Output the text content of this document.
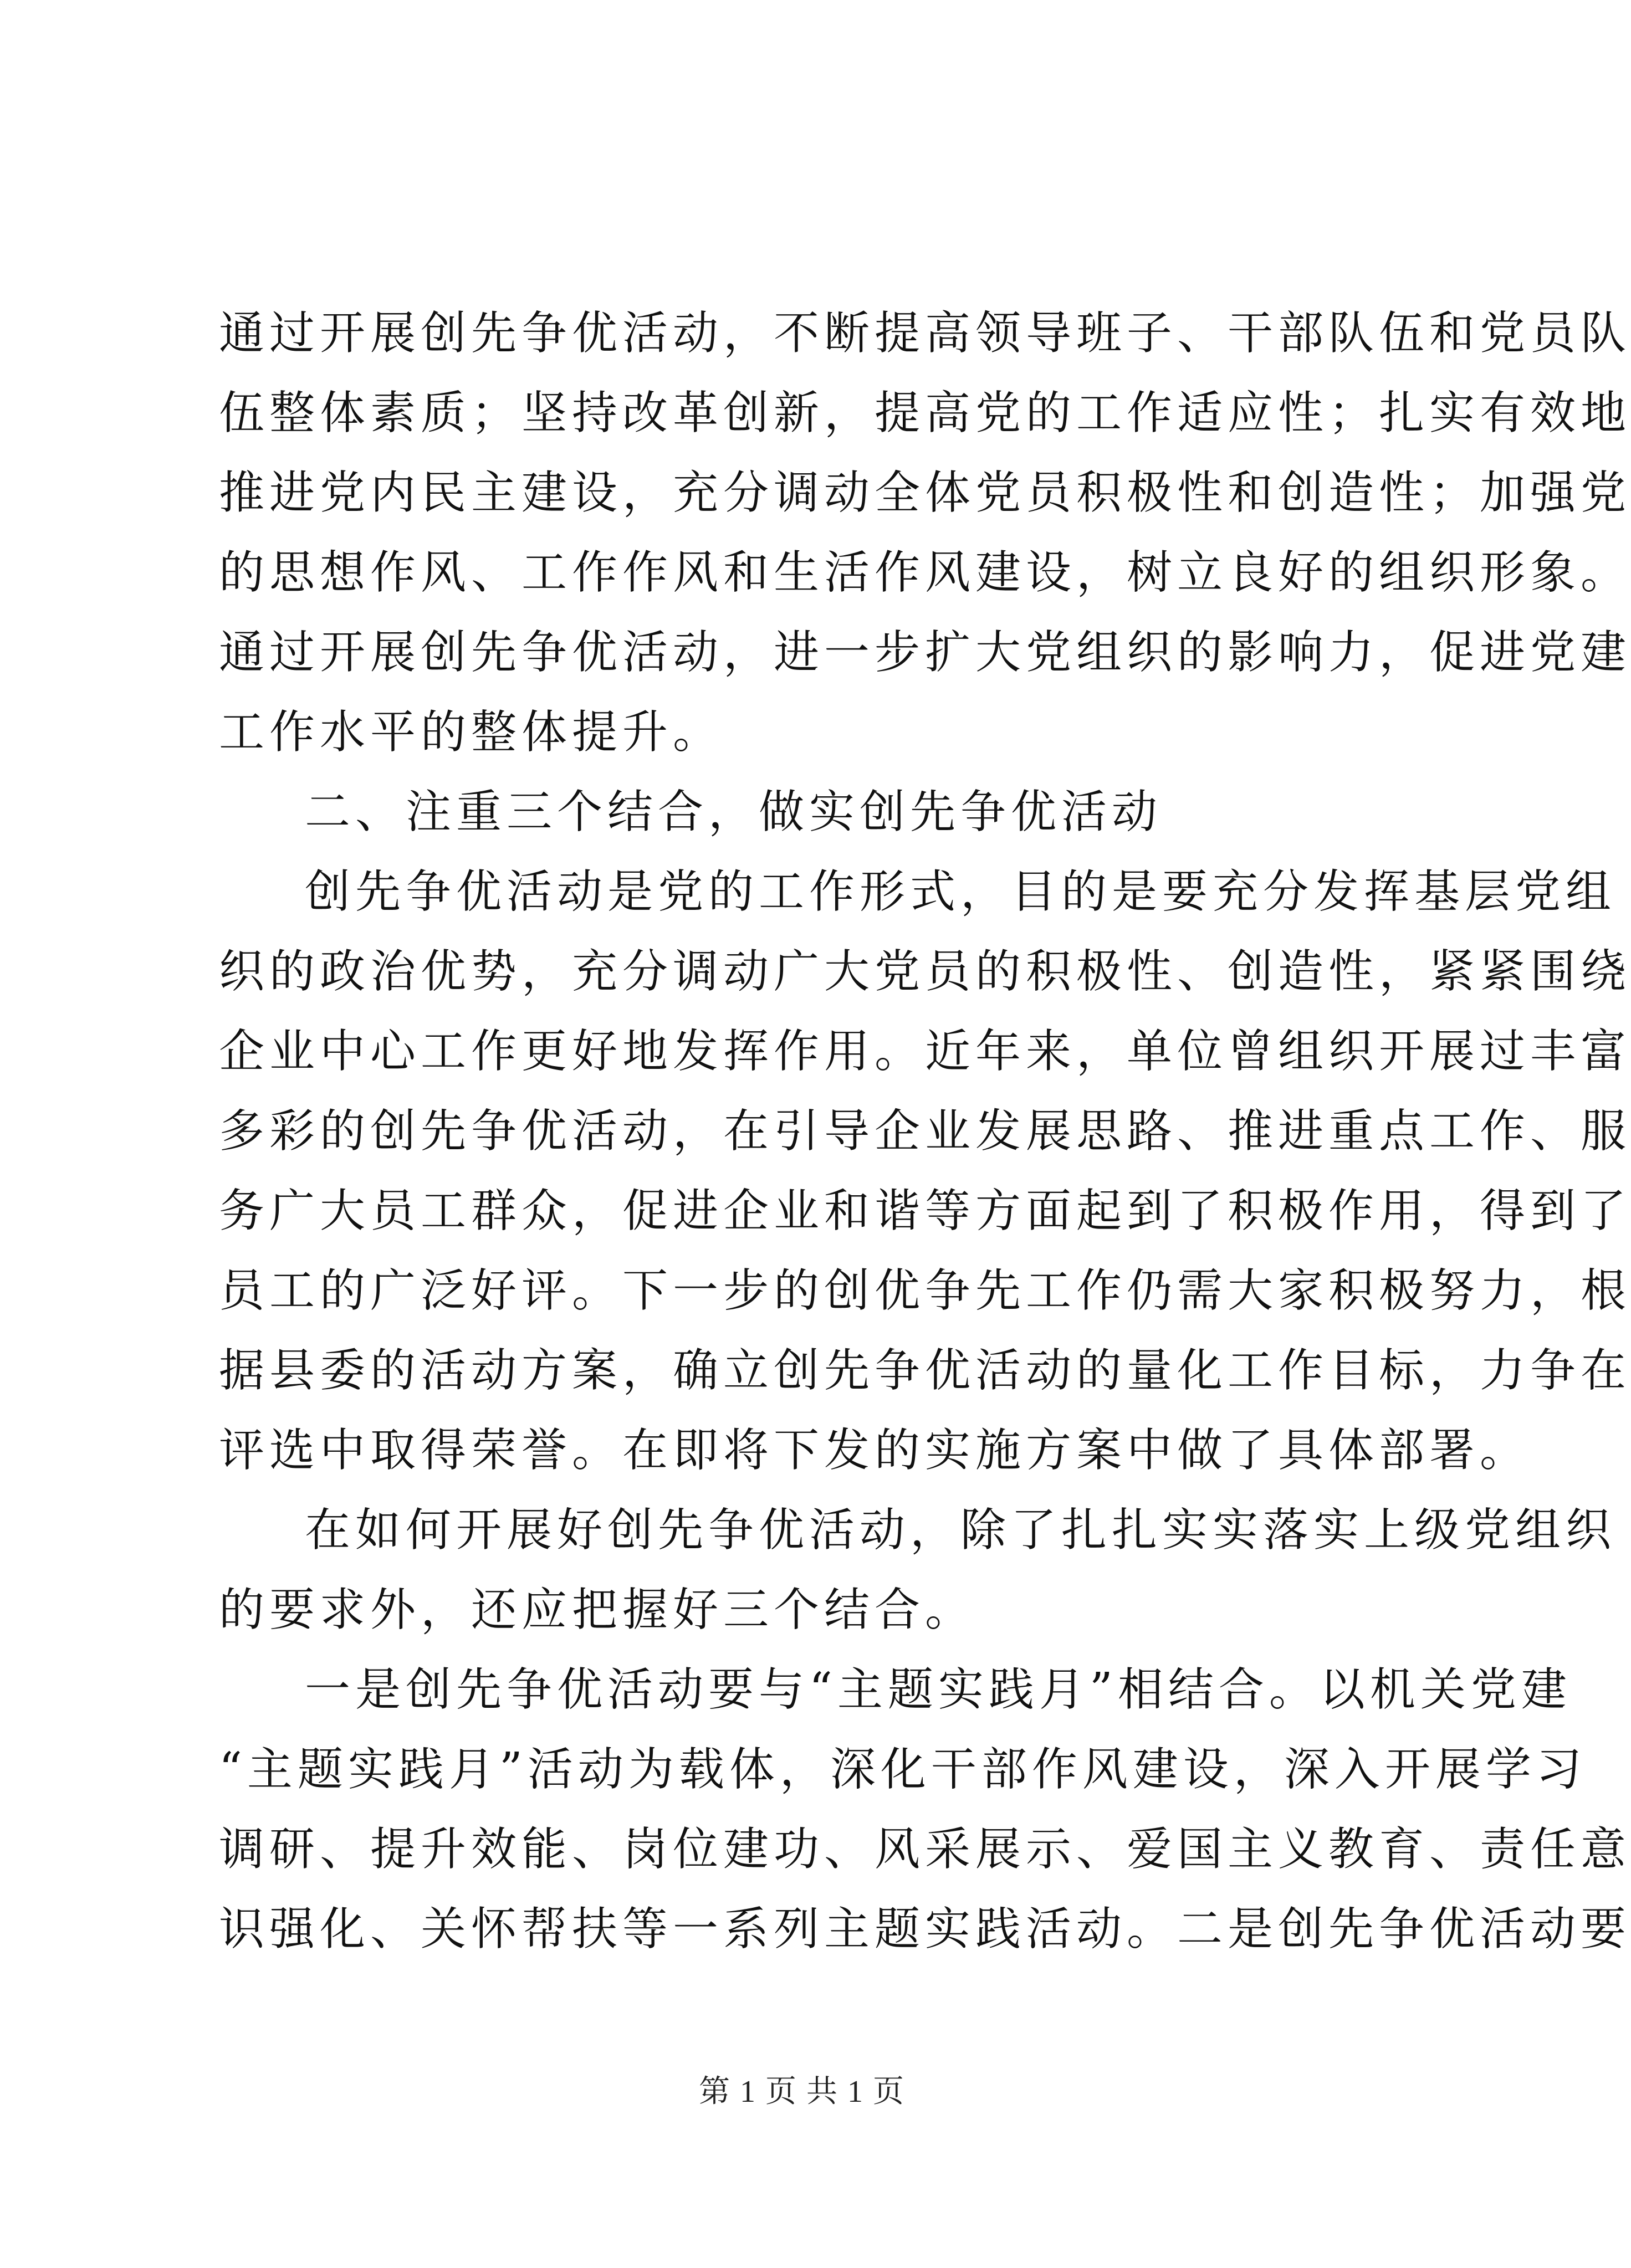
通过开展创先争优活动，不断提高领导班子、干部队伍和党员队
伍整体素质；坚持改革创新，提高党的工作适应性；扎实有效地
推进党内民主建设，充分调动全体党员积极性和创造性；加强党
的思想作风、工作作风和生活作风建设，树立良好的组织形象。
通过开展创先争优活动，进一步扩大党组织的影响力，促进党建
工作水平的整体提升。
二、注重三个结合，做实创先争优活动
创先争优活动是党的工作形式，目的是要充分发挥基层党组
织的政治优势，充分调动广大党员的积极性、创造性，紧紧围绕
企业中心工作更好地发挥作用。近年来，单位曾组织开展过丰富
多彩的创先争优活动，在引导企业发展思路、推进重点工作、服
务广大员工群众，促进企业和谐等方面起到了积极作用，得到了
员工的广泛好评。下一步的创优争先工作仍需大家积极努力，根
据县委的活动方案，确立创先争优活动的量化工作目标，力争在
评选中取得荣誉。在即将下发的实施方案中做了具体部署。
在如何开展好创先争优活动，除了扎扎实实落实上级党组织
的要求外，还应把握好三个结合。
一是创先争优活动要与“主题实践月”相结合。以机关党建
“主题实践月”活动为载体，深化干部作风建设，深入开展学习
调研、提升效能、岗位建功、风采展示、爱国主义教育、责任意
识强化、关怀帮扶等一系列主题实践活动。二是创先争优活动要
第 1 页 共 1 页
